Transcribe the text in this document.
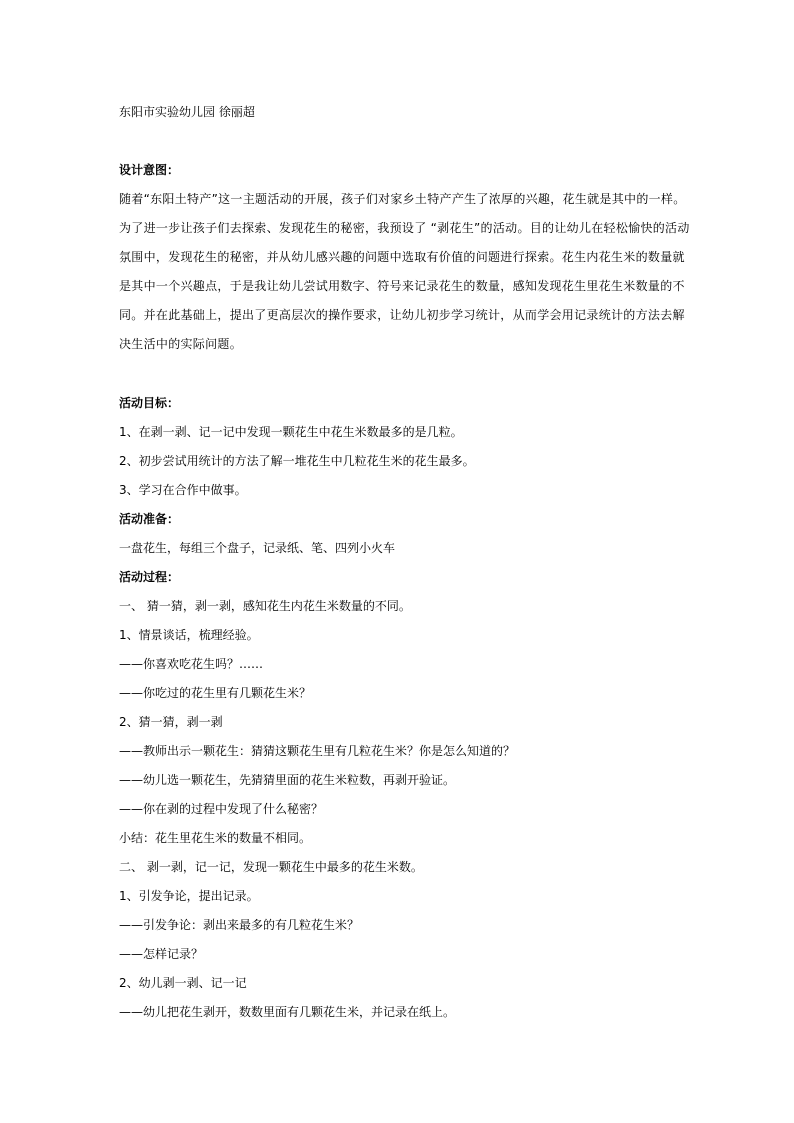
东阳市实验幼儿园 徐丽超
设计意图：
随着“东阳土特产”这一主题活动的开展，孩子们对家乡土特产产生了浓厚的兴趣，花生就是其中的一样。
为了进一步让孩子们去探索、发现花生的秘密，我预设了 “剥花生”的活动。目的让幼儿在轻松愉快的活动
氛围中，发现花生的秘密，并从幼儿感兴趣的问题中选取有价值的问题进行探索。花生内花生米的数量就
是其中一个兴趣点，于是我让幼儿尝试用数字、符号来记录花生的数量，感知发现花生里花生米数量的不
同。并在此基础上，提出了更高层次的操作要求，让幼儿初步学习统计，从而学会用记录统计的方法去解
决生活中的实际问题。
活动目标：
1、在剥一剥、记一记中发现一颗花生中花生米数最多的是几粒。
2、初步尝试用统计的方法了解一堆花生中几粒花生米的花生最多。
3、学习在合作中做事。
活动准备：
一盘花生，每组三个盘子，记录纸、笔、四列小火车
活动过程：
一、 猜一猜，剥一剥，感知花生内花生米数量的不同。
1、情景谈话，梳理经验。
——你喜欢吃花生吗？……
——你吃过的花生里有几颗花生米？
2、猜一猜，剥一剥
——教师出示一颗花生：猜猜这颗花生里有几粒花生米？你是怎么知道的？
——幼儿选一颗花生，先猜猜里面的花生米粒数，再剥开验证。
——你在剥的过程中发现了什么秘密？
小结：花生里花生米的数量不相同。
二、 剥一剥，记一记，发现一颗花生中最多的花生米数。
1、引发争论，提出记录。
——引发争论：剥出来最多的有几粒花生米？
——怎样记录？
2、幼儿剥一剥、记一记
——幼儿把花生剥开，数数里面有几颗花生米，并记录在纸上。
